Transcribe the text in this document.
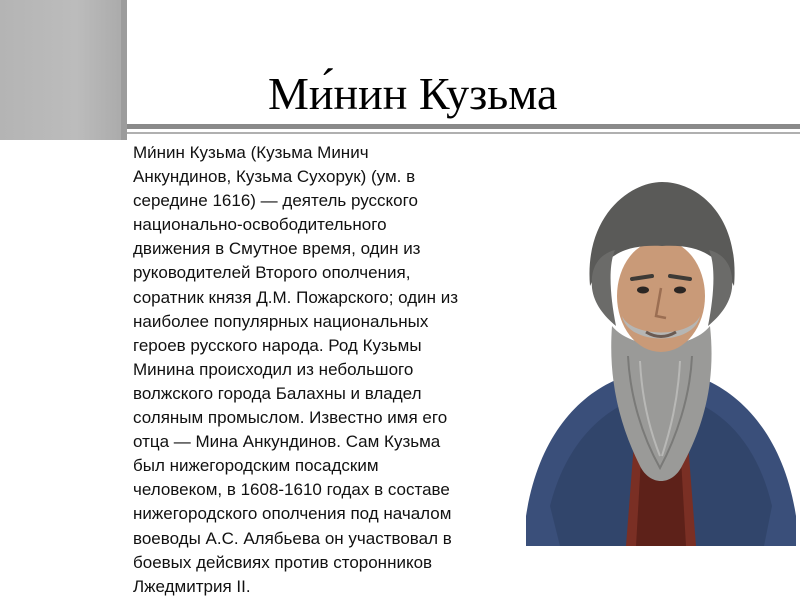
Ми́нин Кузьма

Ми́нин Кузьма (Кузьма Минич
Анкундинов, Кузьма Сухорук) (ум. в
середине 1616) — деятель русского
национально-освободительного
движения в Смутное время, один из
руководителей Второго ополчения,
соратник князя Д.М. Пожарского; один из
наиболее популярных национальных
героев русского народа. Род Кузьмы
Минина происходил из небольшого
волжского города Балахны и владел
соляным промыслом. Известно имя его
отца — Мина Анкундинов. Сам Кузьма
был нижегородским посадским
человеком, в 1608-1610 годах в составе
нижегородского ополчения под началом
воеводы А.С. Алябьева он участвовал в
боевых дейсвиях против сторонников
Лжедмитрия II.
